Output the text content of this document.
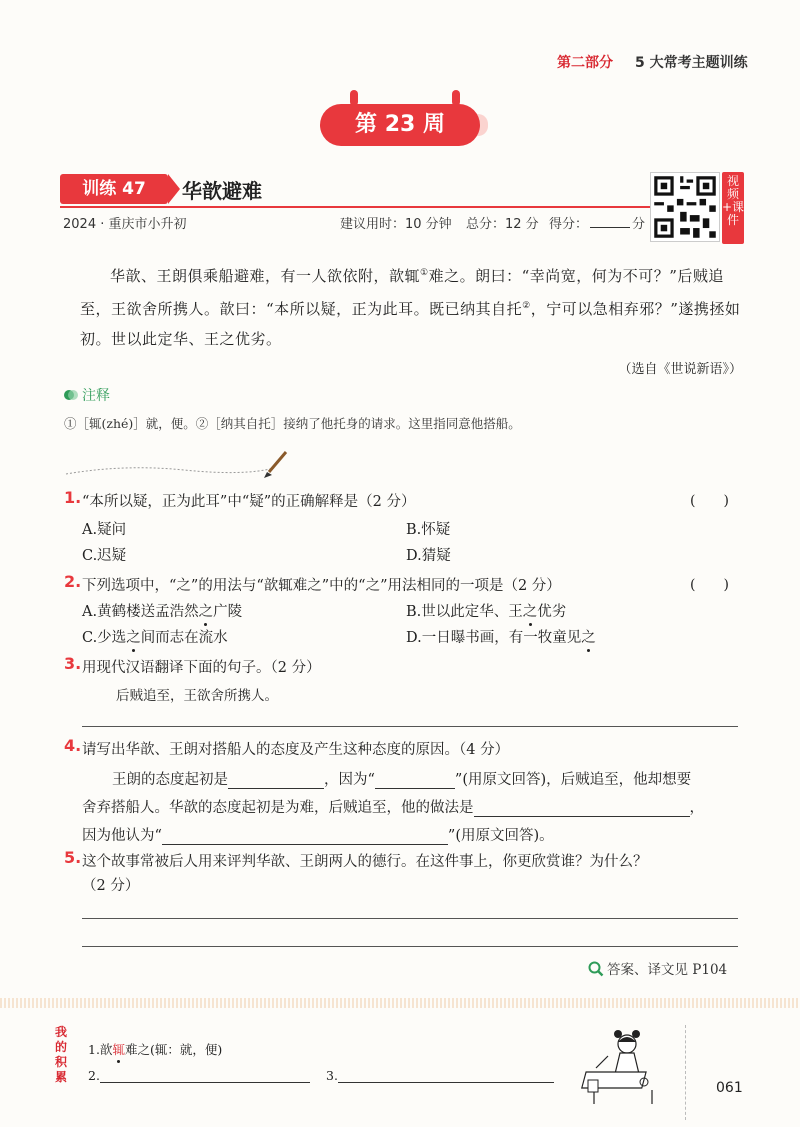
第二部分 5 大常考主题训练
第 23 周
训练 47	华歆避难	视频+课件
2024 · 重庆市小升初	建议用时：10 分钟 总分：12 分 得分：	分
华歆、王朗俱乘船避难，有一人欲依附，歆辄①难之。朗曰：“幸尚宽，何为不可？”后贼追至，王欲舍所携人。歆曰：“本所以疑，正为此耳。既已纳其自托②，宁可以急相弃邪？”遂携拯如初。世以此定华、王之优劣。
（选自《世说新语》）
注释
①［辄(zhé)］就，便。②［纳其自托］接纳了他托身的请求。这里指同意他搭船。
1. “本所以疑，正为此耳”中“疑”的正确解释是（2 分）	(　　)
A.疑问	B.怀疑
C.迟疑	D.猜疑
2. 下列选项中，“之”的用法与“歆辄难之”中的“之”用法相同的一项是（2 分）	(　　)
A.黄鹤楼送孟浩然之广陵	B.世以此定华、王之优劣
C.少选之间而志在流水	D.一日曝书画，有一牧童见之
3. 用现代汉语翻译下面的句子。（2 分）
后贼追至，王欲舍所携人。
4. 请写出华歆、王朗对搭船人的态度及产生这种态度的原因。（4 分）
王朗的态度起初是	，因为“	”(用原文回答)，后贼追至，他却想要
舍弃搭船人。华歆的态度起初是为难，后贼追至，他的做法是	，
因为他认为“	”(用原文回答)。
5. 这个故事常被后人用来评判华歆、王朗两人的德行。在这件事上，你更欣赏谁？为什么？
（2 分）
答案、译文见 P104
我的积累
1.歆辄难之(辄：就，便)
2.	3.
061
